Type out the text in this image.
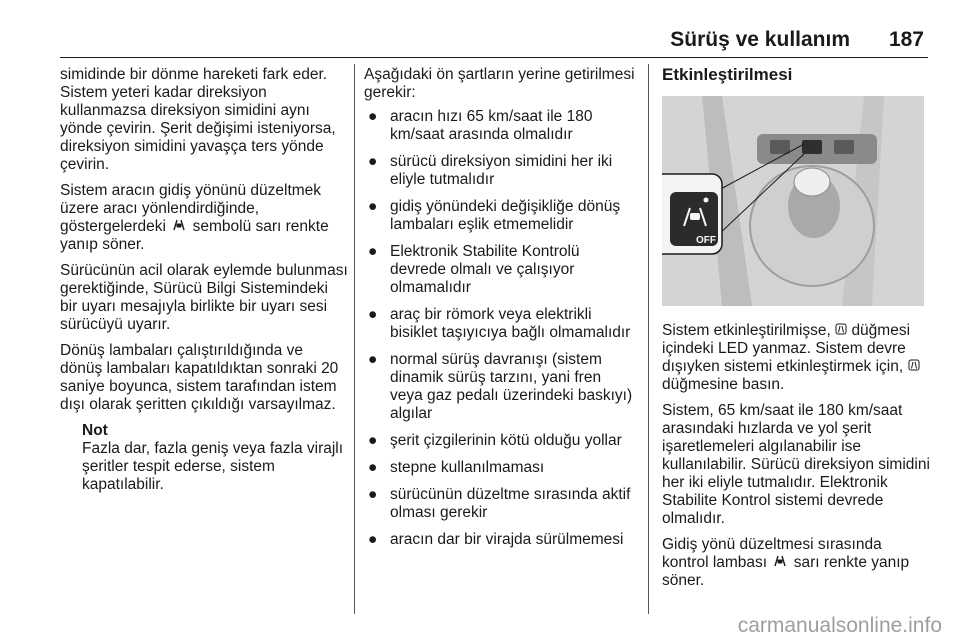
Sürüş ve kullanım 187

simidinde bir dönme hareketi fark eder. Sistem yeteri kadar direksiyon kullanmazsa direksiyon simidini aynı yönde çevirin. Şerit değişimi isteniyorsa, direksiyon simidini yavaşça ters yönde çevirin.

Sistem aracın gidiş yönünü düzeltmek üzere aracı yönlendirdiğinde, göstergelerdeki sembolü sarı renkte yanıp söner.

Sürücünün acil olarak eylemde bulunması gerektiğinde, Sürücü Bilgi Sistemindeki bir uyarı mesajıyla birlikte bir uyarı sesi sürücüyü uyarır.

Dönüş lambaları çalıştırıldığında ve dönüş lambaları kapatıldıktan sonraki 20 saniye boyunca, sistem tarafından istem dışı olarak şeritten çıkıldığı varsayılmaz.

Not
Fazla dar, fazla geniş veya fazla virajlı şeritler tespit ederse, sistem kapatılabilir.

Aşağıdaki ön şartların yerine getirilmesi gerekir:

● aracın hızı 65 km/saat ile 180 km/saat arasında olmalıdır
● sürücü direksiyon simidini her iki eliyle tutmalıdır
● gidiş yönündeki değişikliğe dönüş lambaları eşlik etmemelidir
● Elektronik Stabilite Kontrolü devrede olmalı ve çalışıyor olmamalıdır
● araç bir römork veya elektrikli bisiklet taşıyıcıya bağlı olmamalıdır
● normal sürüş davranışı (sistem dinamik sürüş tarzını, yani fren veya gaz pedalı üzerindeki baskıyı) algılar
● şerit çizgilerinin kötü olduğu yollar
● stepne kullanılmaması
● sürücünün düzeltme sırasında aktif olması gerekir
● aracın dar bir virajda sürülmemesi
Etkinleştirilmesi
OFF

Sistem etkinleştirilmişse, düğmesi içindeki LED yanmaz. Sistem devre dışıyken sistemi etkinleştirmek için,  düğmesine basın.

Sistem, 65 km/saat ile 180 km/saat arasındaki hızlarda ve yol şerit işaretlemeleri algılanabilir ise kullanılabilir. Sürücü direksiyon simidini her iki eliyle tutmalıdır. Elektronik Stabilite Kontrol sistemi devrede olmalıdır.

Gidiş yönü düzeltmesi sırasında kontrol lambası sarı renkte yanıp söner.

carmanualsonline.info
